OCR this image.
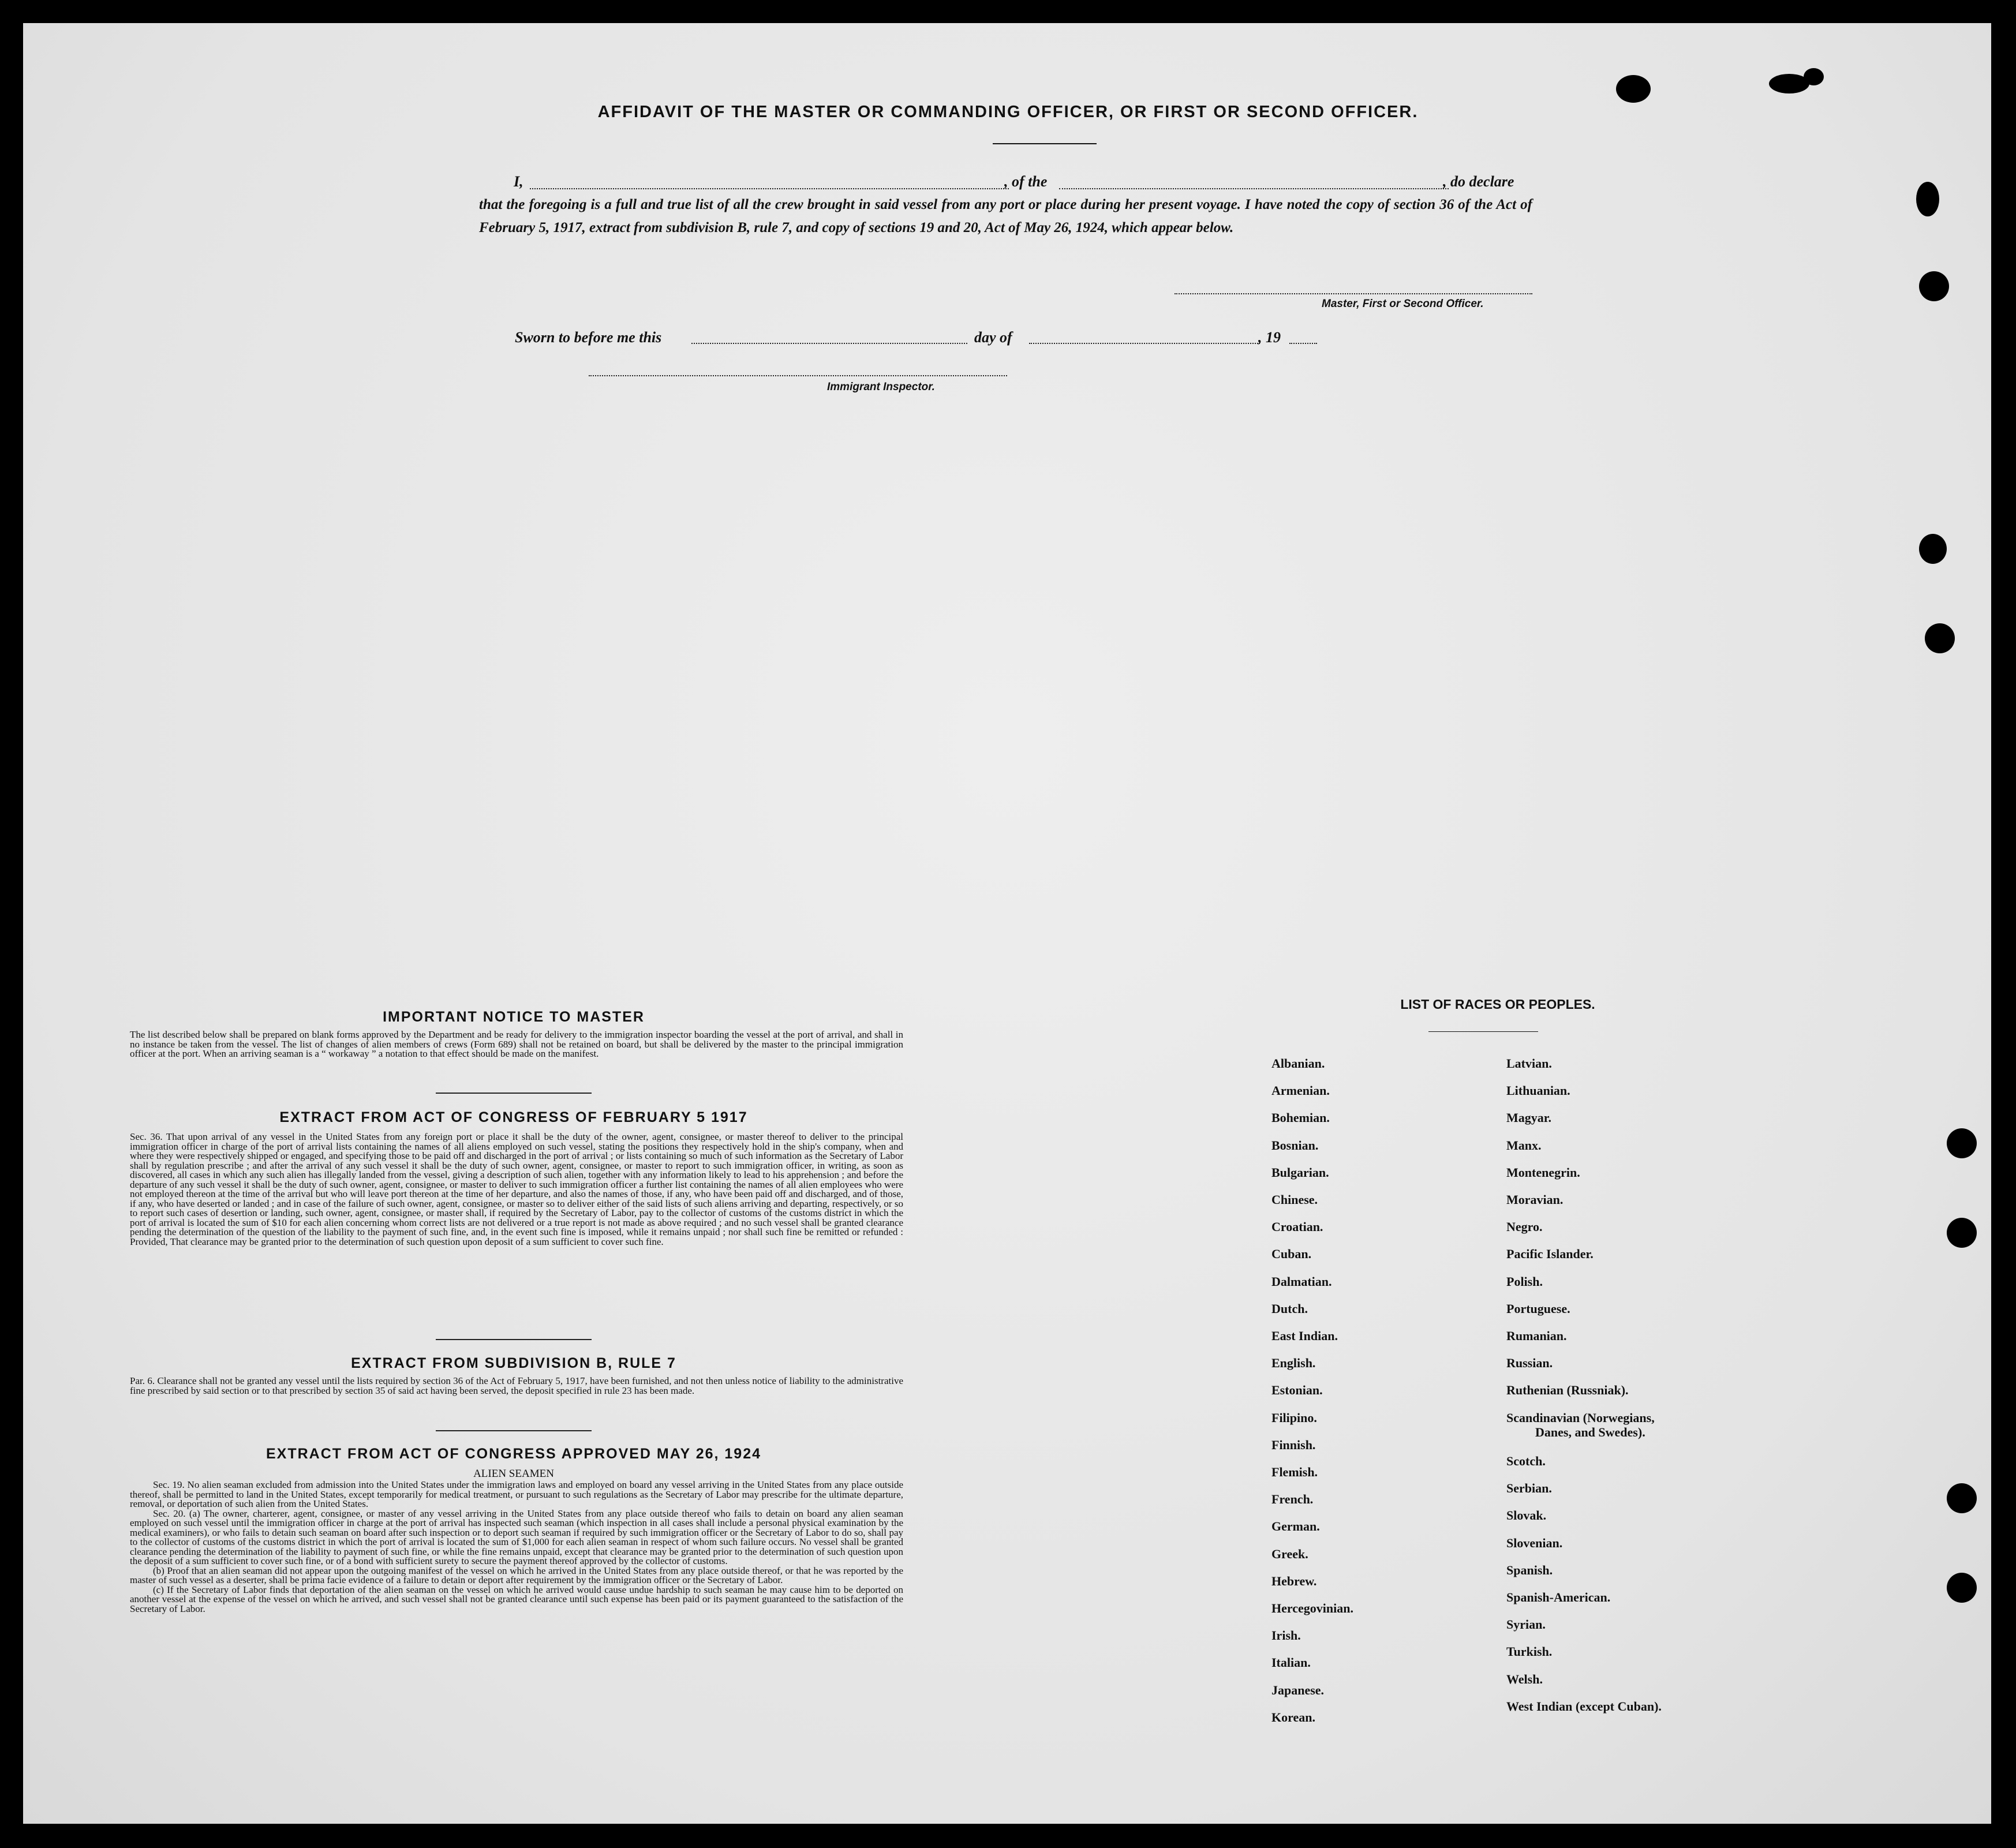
AFFIDAVIT OF THE MASTER OR COMMANDING OFFICER, OR FIRST OR SECOND OFFICER.
I,	, of the	, do declare
that the foregoing is a full and true list of all the crew brought in said vessel from any port or place during her present voyage. I have noted the copy of section 36 of the Act of February 5, 1917, extract from subdivision B, rule 7, and copy of sections 19 and 20, Act of May 26, 1924, which appear below.
Master, First or Second Officer.
Sworn to before me this	day of	, 19
Immigrant Inspector.
IMPORTANT NOTICE TO MASTER
The list described below shall be prepared on blank forms approved by the Department and be ready for delivery to the immigration inspector boarding the vessel at the port of arrival, and shall in no instance be taken from the vessel. The list of changes of alien members of crews (Form 689) shall not be retained on board, but shall be delivered by the master to the principal immigration officer at the port. When an arriving seaman is a “ workaway ” a notation to that effect should be made on the manifest.
EXTRACT FROM ACT OF CONGRESS OF FEBRUARY 5 1917
Sec. 36. That upon arrival of any vessel in the United States from any foreign port or place it shall be the duty of the owner, agent, consignee, or master thereof to deliver to the principal immigration officer in charge of the port of arrival lists containing the names of all aliens employed on such vessel, stating the positions they respectively hold in the ship's company, when and where they were respectively shipped or engaged, and specifying those to be paid off and discharged in the port of arrival ; or lists containing so much of such information as the Secretary of Labor shall by regulation prescribe ; and after the arrival of any such vessel it shall be the duty of such owner, agent, consignee, or master to report to such immigration officer, in writing, as soon as discovered, all cases in which any such alien has illegally landed from the vessel, giving a description of such alien, together with any information likely to lead to his apprehension ; and before the departure of any such vessel it shall be the duty of such owner, agent, consignee, or master to deliver to such immigration officer a further list containing the names of all alien employees who were not employed thereon at the time of the arrival but who will leave port thereon at the time of her departure, and also the names of those, if any, who have been paid off and discharged, and of those, if any, who have deserted or landed ; and in case of the failure of such owner, agent, consignee, or master so to deliver either of the said lists of such aliens arriving and departing, respectively, or so to report such cases of desertion or landing, such owner, agent, consignee, or master shall, if required by the Secretary of Labor, pay to the collector of customs of the customs district in which the port of arrival is located the sum of $10 for each alien concerning whom correct lists are not delivered or a true report is not made as above required ; and no such vessel shall be granted clearance pending the determination of the question of the liability to the payment of such fine, and, in the event such fine is imposed, while it remains unpaid ; nor shall such fine be remitted or refunded : Provided, That clearance may be granted prior to the determination of such question upon deposit of a sum sufficient to cover such fine.
EXTRACT FROM SUBDIVISION B, RULE 7
Par. 6. Clearance shall not be granted any vessel until the lists required by section 36 of the Act of February 5, 1917, have been furnished, and not then unless notice of liability to the administrative fine prescribed by said section or to that prescribed by section 35 of said act having been served, the deposit specified in rule 23 has been made.
EXTRACT FROM ACT OF CONGRESS APPROVED MAY 26, 1924
ALIEN SEAMEN
Sec. 19. No alien seaman excluded from admission into the United States under the immigration laws and employed on board any vessel arriving in the United States from any place outside thereof, shall be permitted to land in the United States, except temporarily for medical treatment, or pursuant to such regulations as the Secretary of Labor may prescribe for the ultimate departure, removal, or deportation of such alien from the United States.
Sec. 20. (a) The owner, charterer, agent, consignee, or master of any vessel arriving in the United States from any place outside thereof who fails to detain on board any alien seaman employed on such vessel until the immigration officer in charge at the port of arrival has inspected such seaman (which inspection in all cases shall include a personal physical examination by the medical examiners), or who fails to detain such seaman on board after such inspection or to deport such seaman if required by such immigration officer or the Secretary of Labor to do so, shall pay to the collector of customs of the customs district in which the port of arrival is located the sum of $1,000 for each alien seaman in respect of whom such failure occurs. No vessel shall be granted clearance pending the determination of the liability to payment of such fine, or while the fine remains unpaid, except that clearance may be granted prior to the determination of such question upon the deposit of a sum sufficient to cover such fine, or of a bond with sufficient surety to secure the payment thereof approved by the collector of customs.
(b) Proof that an alien seaman did not appear upon the outgoing manifest of the vessel on which he arrived in the United States from any place outside thereof, or that he was reported by the master of such vessel as a deserter, shall be prima facie evidence of a failure to detain or deport after requirement by the immigration officer or the Secretary of Labor.
(c) If the Secretary of Labor finds that deportation of the alien seaman on the vessel on which he arrived would cause undue hardship to such seaman he may cause him to be deported on another vessel at the expense of the vessel on which he arrived, and such vessel shall not be granted clearance until such expense has been paid or its payment guaranteed to the satisfaction of the Secretary of Labor.
LIST OF RACES OR PEOPLES.
Albanian.
Armenian.
Bohemian.
Bosnian.
Bulgarian.
Chinese.
Croatian.
Cuban.
Dalmatian.
Dutch.
East Indian.
English.
Estonian.
Filipino.
Finnish.
Flemish.
French.
German.
Greek.
Hebrew.
Hercegovinian.
Irish.
Italian.
Japanese.
Korean.
Latvian.
Lithuanian.
Magyar.
Manx.
Montenegrin.
Moravian.
Negro.
Pacific Islander.
Polish.
Portuguese.
Rumanian.
Russian.
Ruthenian (Russniak).
Scandinavian (Norwegians,
Danes, and Swedes).
Scotch.
Serbian.
Slovak.
Slovenian.
Spanish.
Spanish-American.
Syrian.
Turkish.
Welsh.
West Indian (except Cuban).
